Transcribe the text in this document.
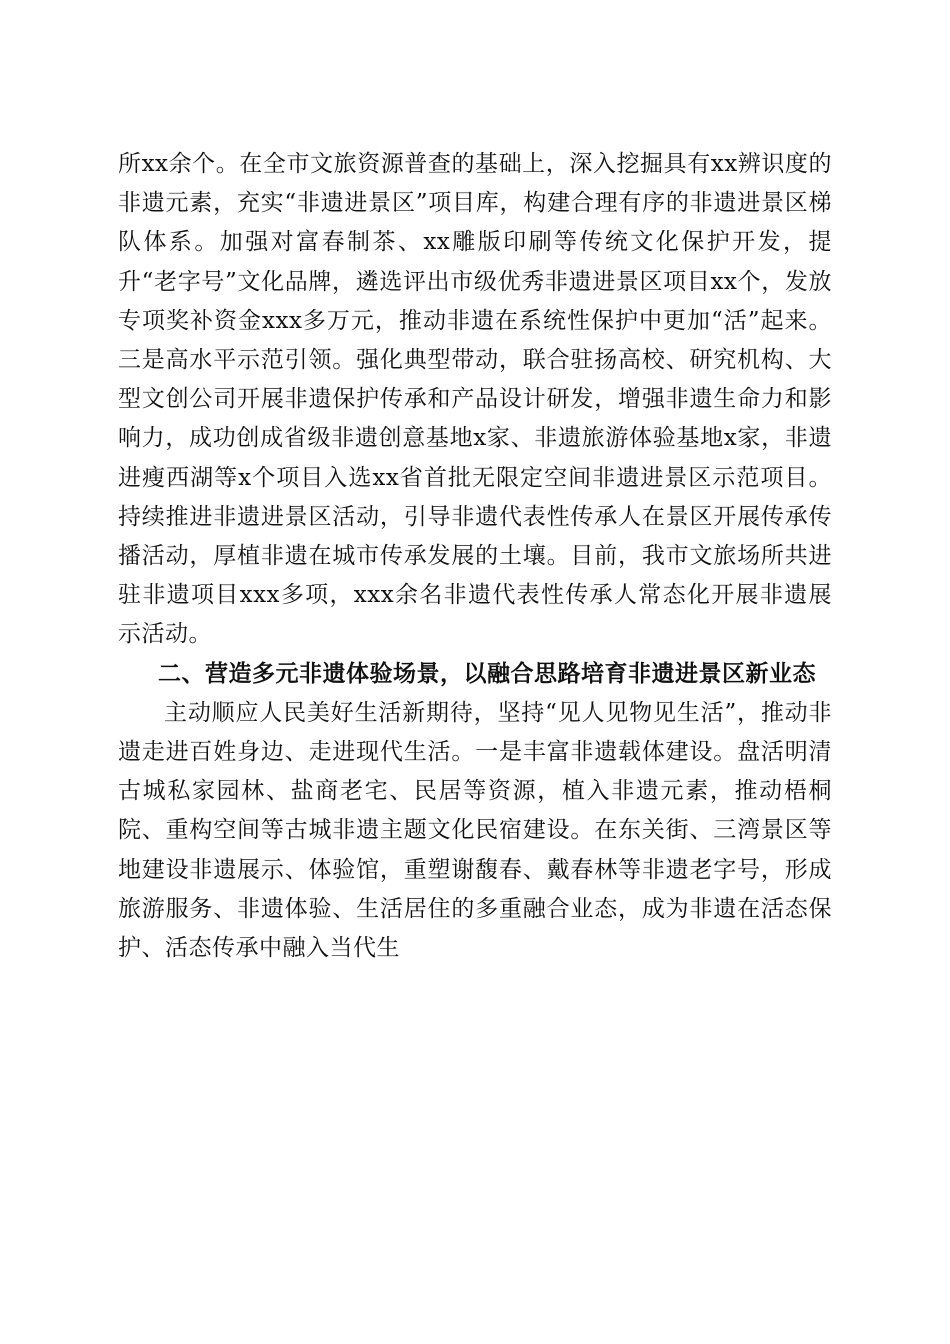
所xx余个。在全市文旅资源普查的基础上，深入挖掘具有xx辨识度的非遗元素，充实“非遗进景区”项目库，构建合理有序的非遗进景区梯队体系。加强对富春制茶、xx雕版印刷等传统文化保护开发，提升“老字号”文化品牌，遴选评出市级优秀非遗进景区项目xx个，发放专项奖补资金xxx多万元，推动非遗在系统性保护中更加“活”起来。三是高水平示范引领。强化典型带动，联合驻扬高校、研究机构、大型文创公司开展非遗保护传承和产品设计研发，增强非遗生命力和影响力，成功创成省级非遗创意基地x家、非遗旅游体验基地x家，非遗进瘦西湖等x个项目入选xx省首批无限定空间非遗进景区示范项目。持续推进非遗进景区活动，引导非遗代表性传承人在景区开展传承传播活动，厚植非遗在城市传承发展的土壤。目前，我市文旅场所共进驻非遗项目xxx多项，xxx余名非遗代表性传承人常态化开展非遗展示活动。

二、营造多元非遗体验场景，以融合思路培育非遗进景区新业态

主动顺应人民美好生活新期待，坚持“见人见物见生活”，推动非遗走进百姓身边、走进现代生活。一是丰富非遗载体建设。盘活明清古城私家园林、盐商老宅、民居等资源，植入非遗元素，推动梧桐院、重构空间等古城非遗主题文化民宿建设。在东关街、三湾景区等地建设非遗展示、体验馆，重塑谢馥春、戴春林等非遗老字号，形成旅游服务、非遗体验、生活居住的多重融合业态，成为非遗在活态保护、活态传承中融入当代生
